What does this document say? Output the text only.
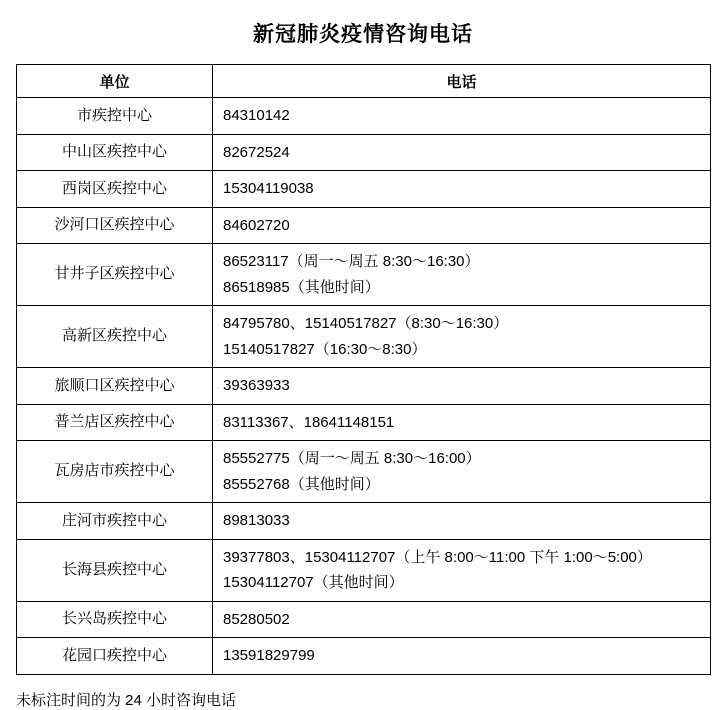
新冠肺炎疫情咨询电话
单位	电话
市疾控中心	84310142

中山区疾控中心	82672524

西岗区疾控中心	15304119038

沙河口区疾控中心	84602720

甘井子区疾控中心	86523117（周一～周五 8:30～16:30）
86518985（其他时间）

高新区疾控中心	84795780、15140517827（8:30～16:30）
15140517827（16:30～8:30）

旅顺口区疾控中心	39363933

普兰店区疾控中心	83113367、18641148151

瓦房店市疾控中心	85552775（周一～周五 8:30～16:00）
85552768（其他时间）

庄河市疾控中心	89813033

长海县疾控中心	39377803、15304112707（上午 8:00～11:00 下午 1:00～5:00）
15304112707（其他时间）

长兴岛疾控中心	85280502

花园口疾控中心	13591829799
未标注时间的为 24 小时咨询电话
